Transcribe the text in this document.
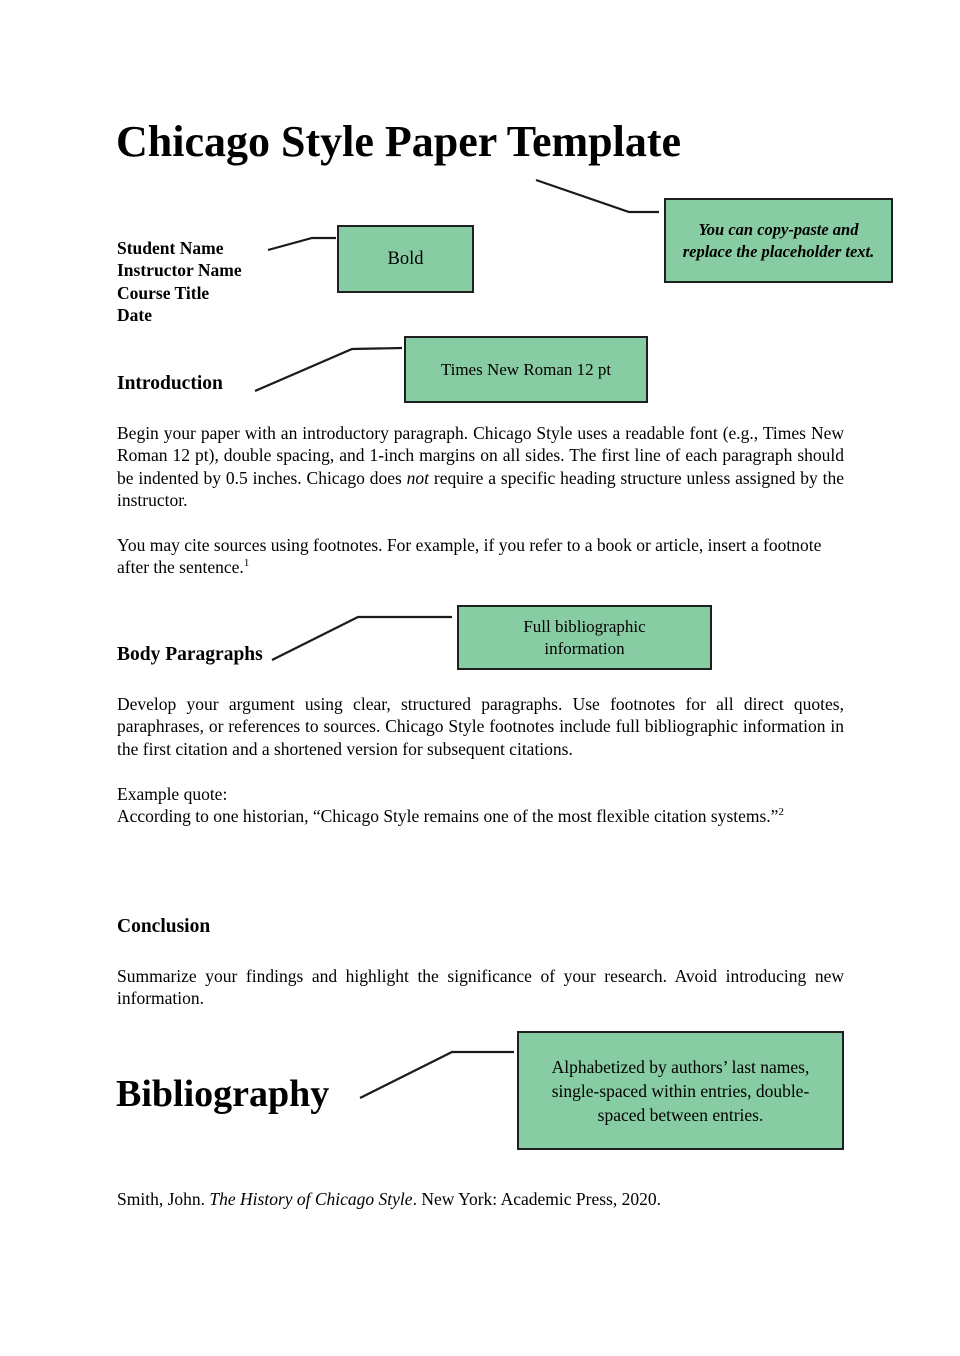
Chicago Style Paper Template
Student Name
Instructor Name
Course Title
Date
Bold
You can copy-paste and replace the placeholder text.
Introduction
Times New Roman 12 pt

Begin your paper with an introductory paragraph. Chicago Style uses a readable font (e.g., Times New Roman 12 pt), double spacing, and 1-inch margins on all sides. The first line of each paragraph should be indented by 0.5 inches. Chicago does not require a specific heading structure unless assigned by the instructor.

You may cite sources using footnotes. For example, if you refer to a book or article, insert a footnote after the sentence.$^1$

Body Paragraphs
Full bibliographic information

Develop your argument using clear, structured paragraphs. Use footnotes for all direct quotes, paraphrases, or references to sources. Chicago Style footnotes include full bibliographic information in the first citation and a shortened version for subsequent citations.

Example quote:
According to one historian, “Chicago Style remains one of the most flexible citation systems.”$^2$
Conclusion

Summarize your findings and highlight the significance of your research. Avoid introducing new information.

Alphabetized by authors’ last names, single-spaced within entries, double-spaced between entries.
Bibliography

Smith, John. The History of Chicago Style. New York: Academic Press, 2020.
